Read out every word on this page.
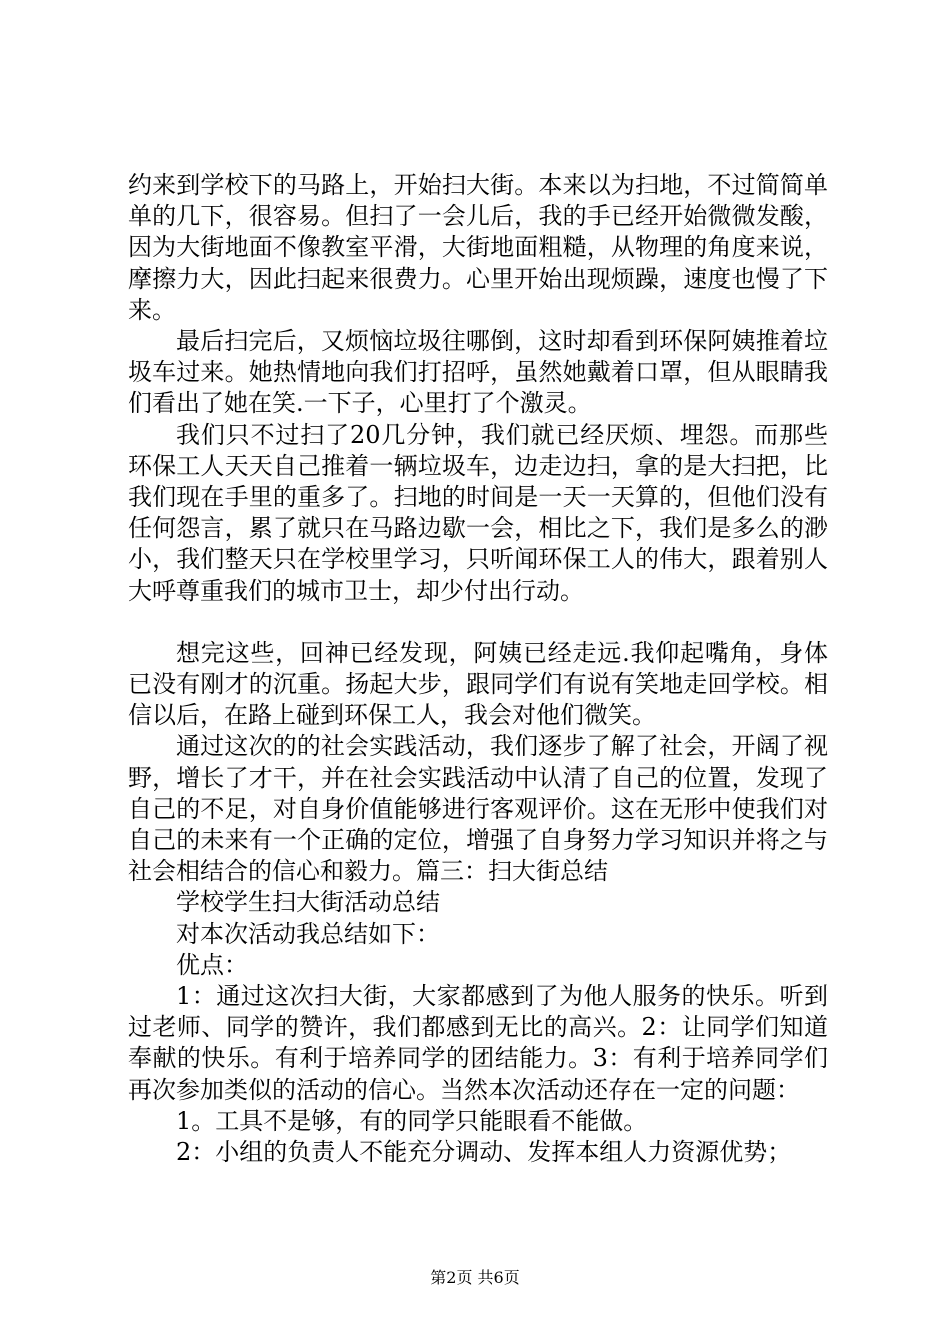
约来到学校下的马路上，开始扫大街。本来以为扫地，不过简简单单的几下，很容易。但扫了一会儿后，我的手已经开始微微发酸，因为大街地面不像教室平滑，大街地面粗糙，从物理的角度来说，摩擦力大，因此扫起来很费力。心里开始出现烦躁，速度也慢了下来。

最后扫完后，又烦恼垃圾往哪倒，这时却看到环保阿姨推着垃圾车过来。她热情地向我们打招呼，虽然她戴着口罩，但从眼睛我们看出了她在笑.一下子，心里打了个激灵。

我们只不过扫了20几分钟，我们就已经厌烦、埋怨。而那些环保工人天天自己推着一辆垃圾车，边走边扫，拿的是大扫把，比我们现在手里的重多了。扫地的时间是一天一天算的，但他们没有任何怨言，累了就只在马路边歇一会，相比之下，我们是多么的渺小，我们整天只在学校里学习，只听闻环保工人的伟大，跟着别人大呼尊重我们的城市卫士，却少付出行动。

想完这些，回神已经发现，阿姨已经走远.我仰起嘴角，身体已没有刚才的沉重。扬起大步，跟同学们有说有笑地走回学校。相信以后，在路上碰到环保工人，我会对他们微笑。

通过这次的的社会实践活动，我们逐步了解了社会，开阔了视野，增长了才干，并在社会实践活动中认清了自己的位置，发现了自己的不足，对自身价值能够进行客观评价。这在无形中使我们对自己的未来有一个正确的定位，增强了自身努力学习知识并将之与社会相结合的信心和毅力。篇三：扫大街总结

学校学生扫大街活动总结

对本次活动我总结如下：

优点：

1：通过这次扫大街，大家都感到了为他人服务的快乐。听到过老师、同学的赞许，我们都感到无比的高兴。2：让同学们知道奉献的快乐。有利于培养同学的团结能力。3：有利于培养同学们再次参加类似的活动的信心。当然本次活动还存在一定的问题：

1。工具不是够，有的同学只能眼看不能做。

2：小组的负责人不能充分调动、发挥本组人力资源优势；

第2页 共6页
